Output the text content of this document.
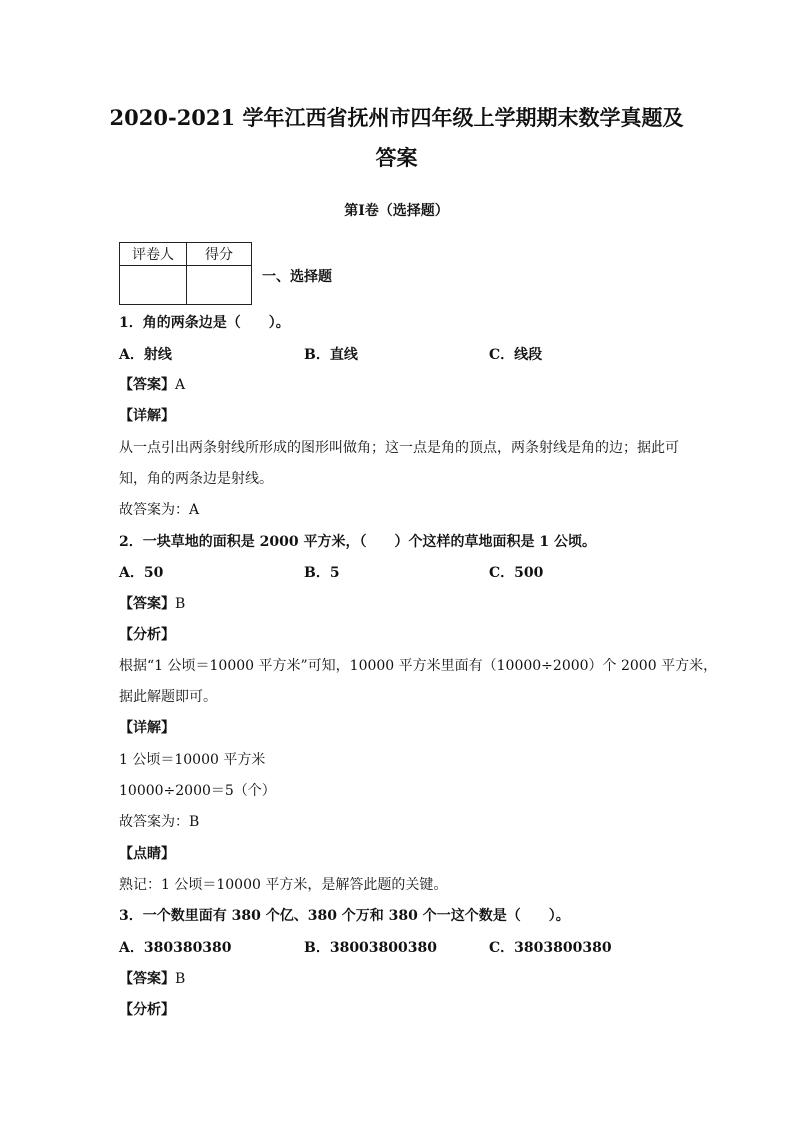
2020-2021 学年江西省抚州市四年级上学期期末数学真题及答案
第I卷（选择题）
评卷人	得分

一、选择题
1．角的两条边是（　　）。
A．射线	B．直线	C．线段
【答案】A
【详解】
从一点引出两条射线所形成的图形叫做角；这一点是角的顶点，两条射线是角的边；据此可
知，角的两条边是射线。
故答案为：A
2．一块草地的面积是 2000 平方米，（　　）个这样的草地面积是 1 公顷。
A．50	B．5	C．500
【答案】B
【分析】
根据“1 公顷＝10000 平方米”可知，10000 平方米里面有（10000÷2000）个 2000 平方米，
据此解题即可。
【详解】
1 公顷＝10000 平方米
10000÷2000＝5（个）
故答案为：B
【点睛】
熟记：1 公顷＝10000 平方米，是解答此题的关键。
3．一个数里面有 380 个亿、380 个万和 380 个一这个数是（　　）。
A．380380380	B．38003800380	C．3803800380
【答案】B
【分析】
